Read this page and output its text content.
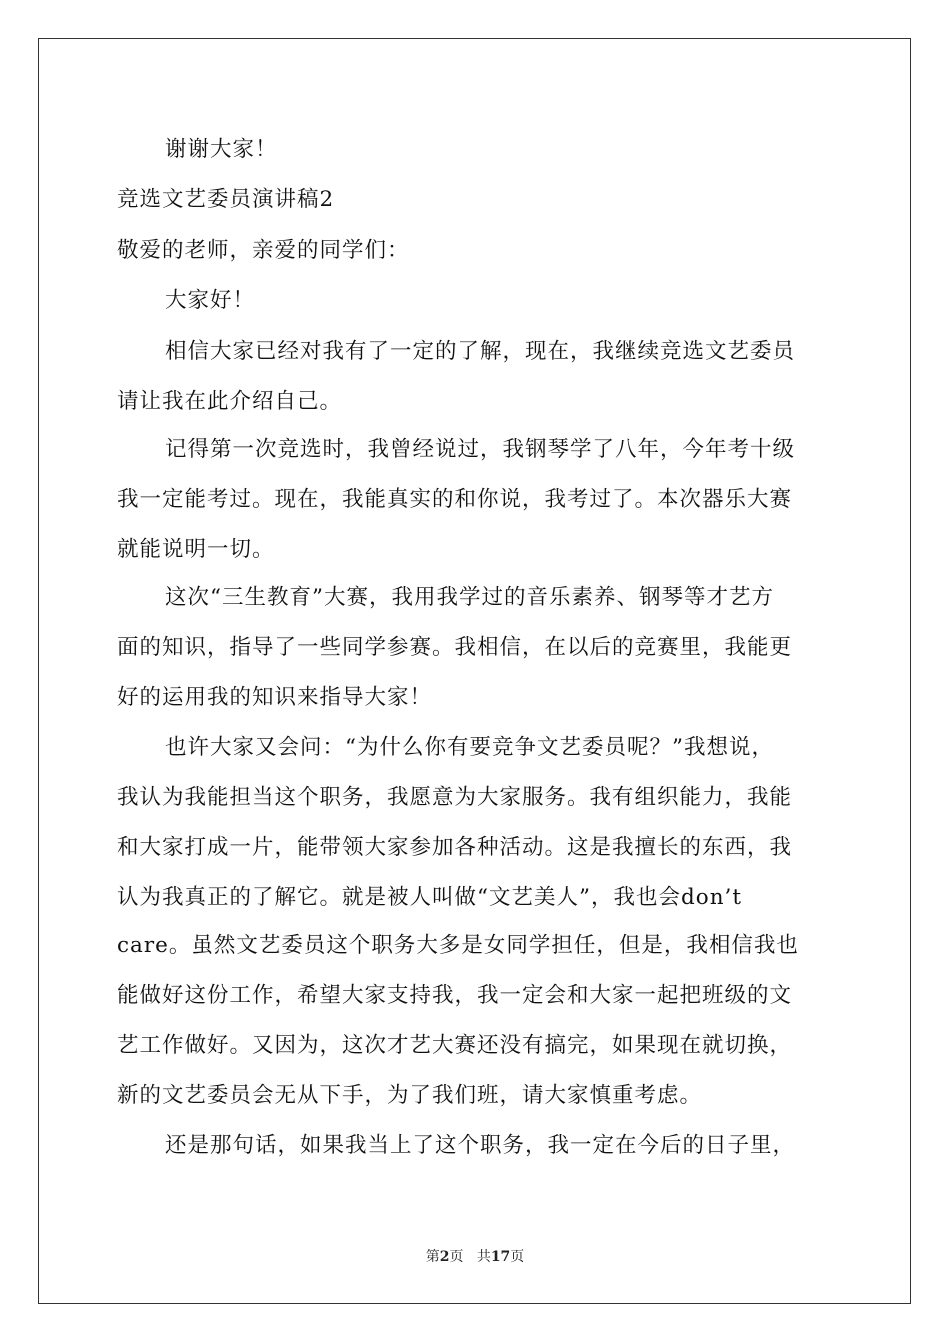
谢谢大家！
竞选文艺委员演讲稿2
敬爱的老师，亲爱的同学们：
大家好！
相信大家已经对我有了一定的了解，现在，我继续竞选文艺委员
请让我在此介绍自己。
记得第一次竞选时，我曾经说过，我钢琴学了八年，今年考十级
我一定能考过。现在，我能真实的和你说，我考过了。本次器乐大赛
就能说明一切。
这次“三生教育”大赛，我用我学过的音乐素养、钢琴等才艺方
面的知识，指导了一些同学参赛。我相信，在以后的竞赛里，我能更
好的运用我的知识来指导大家！
也许大家又会问：“为什么你有要竞争文艺委员呢？”我想说，
我认为我能担当这个职务，我愿意为大家服务。我有组织能力，我能
和大家打成一片，能带领大家参加各种活动。这是我擅长的东西，我
认为我真正的了解它。就是被人叫做“文艺美人”，我也会don’t
care。虽然文艺委员这个职务大多是女同学担任，但是，我相信我也
能做好这份工作，希望大家支持我，我一定会和大家一起把班级的文
艺工作做好。又因为，这次才艺大赛还没有搞完，如果现在就切换，
新的文艺委员会无从下手，为了我们班，请大家慎重考虑。
还是那句话，如果我当上了这个职务，我一定在今后的日子里，
第2页 共17页
